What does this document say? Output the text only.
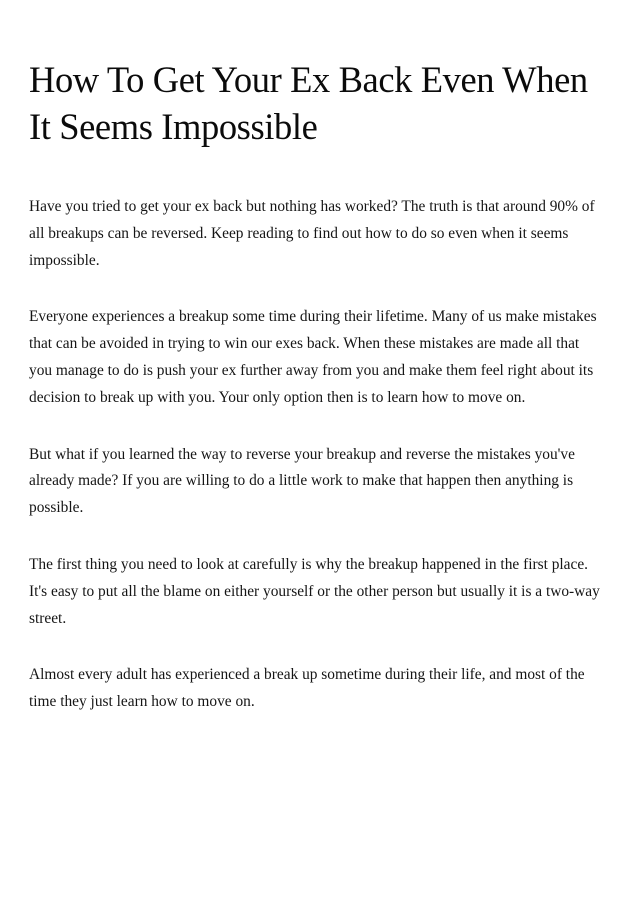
How To Get Your Ex Back Even When It Seems Impossible

Have you tried to get your ex back but nothing has worked? The truth is that around 90% of all breakups can be reversed. Keep reading to find out how to do so even when it seems impossible.

Everyone experiences a breakup some time during their lifetime. Many of us make mistakes that can be avoided in trying to win our exes back. When these mistakes are made all that you manage to do is push your ex further away from you and make them feel right about its decision to break up with you. Your only option then is to learn how to move on.

But what if you learned the way to reverse your breakup and reverse the mistakes you've already made? If you are willing to do a little work to make that happen then anything is possible.

The first thing you need to look at carefully is why the breakup happened in the first place. It's easy to put all the blame on either yourself or the other person but usually it is a two-way street.

Almost every adult has experienced a break up sometime during their life, and most of the time they just learn how to move on.
